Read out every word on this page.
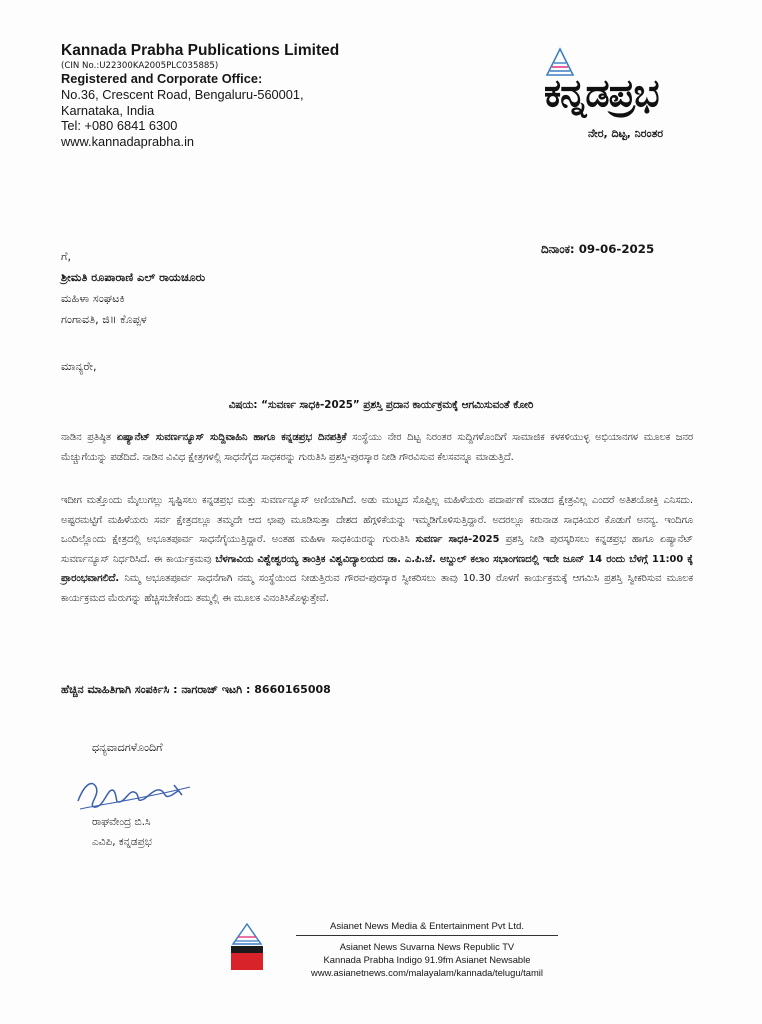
Kannada Prabha Publications Limited
(CIN No.:U22300KA2005PLC035885)
Registered and Corporate Office:
No.36, Crescent Road, Bengaluru-560001,
Karnataka, India
Tel: +080 6841 6300
www.kannadaprabha.in
ಕನ್ನಡಪ್ರಭ
ನೇರ, ದಿಟ್ಟ, ನಿರಂತರ
ದಿನಾಂಕ: 09-06-2025
ಗೆ,
ಶ್ರೀಮತಿ ರೂಪಾರಾಣಿ ಎಲ್ ರಾಯಚೂರು
ಮಹಿಳಾ ಸಂಘಟಕಿ
ಗಂಗಾವತಿ, ಜಿ॥ ಕೊಪ್ಪಳ
ಮಾನ್ಯರೇ,
ವಿಷಯ: “ಸುವರ್ಣ ಸಾಧಕಿ-2025” ಪ್ರಶಸ್ತಿ ಪ್ರದಾನ ಕಾರ್ಯಕ್ರಮಕ್ಕೆ ಆಗಮಿಸುವಂತೆ ಕೋರಿ
ನಾಡಿನ ಪ್ರತಿಷ್ಠಿತ ಏಷ್ಯಾನೆಟ್ ಸುವರ್ಣನ್ಯೂಸ್ ಸುದ್ದಿವಾಹಿನಿ ಹಾಗೂ ಕನ್ನಡಪ್ರಭ ದಿನಪತ್ರಿಕೆ ಸಂಸ್ಥೆಯು ನೇರ ದಿಟ್ಟ ನಿರಂತರ ಸುದ್ದಿಗಳೊಂದಿಗೆ ಸಾಮಾಜಿಕ ಕಳಕಳಿಯುಳ್ಳ ಅಭಿಯಾನಗಳ ಮೂಲಕ ಜನರ ಮೆಚ್ಚುಗೆಯನ್ನು ಪಡೆದಿದೆ. ನಾಡಿನ ವಿವಿಧ ಕ್ಷೇತ್ರಗಳಲ್ಲಿ ಸಾಧನೆಗೈದ ಸಾಧಕರನ್ನು ಗುರುತಿಸಿ ಪ್ರಶಸ್ತಿ-ಪುರಸ್ಕಾರ ನೀಡಿ ಗೌರವಿಸುವ ಕೆಲಸವನ್ನೂ ಮಾಡುತ್ತಿದೆ.
ಇದೀಗ ಮತ್ತೊಂದು ಮೈಲುಗಲ್ಲು ಸೃಷ್ಟಿಸಲು ಕನ್ನಡಪ್ರಭ ಮತ್ತು ಸುವರ್ಣನ್ಯೂಸ್ ಅಣಿಯಾಗಿದೆ. ಅಡು ಮುಟ್ಟದ ಸೊಪ್ಪಿಲ್ಲ ಮಹಿಳೆಯರು ಪದಾರ್ಪಣೆ ಮಾಡದ ಕ್ಷೇತ್ರವಿಲ್ಲ ಎಂದರೆ ಅತಿಶಯೋಕ್ತಿ ಎನಿಸದು. ಅಷ್ಟರಮಟ್ಟಿಗೆ ಮಹಿಳೆಯರು ಸರ್ವ ಕ್ಷೇತ್ರದಲ್ಲೂ ತಮ್ಮದೇ ಆದ ಛಾಪು ಮೂಡಿಸುತ್ತಾ ದೇಶದ ಹೆಗ್ಗಳಿಕೆಯನ್ನು ಇಮ್ಮಡಿಗೊಳಿಸುತ್ತಿದ್ದಾರೆ. ಅದರಲ್ಲೂ ಕರುನಾಡ ಸಾಧಕಿಯರ ಕೊಡುಗೆ ಅನನ್ಯ. ಇಂದಿಗೂ ಒಂದಿಲ್ಲೊಂದು ಕ್ಷೇತ್ರದಲ್ಲಿ ಅಭೂತಪೂರ್ವ ಸಾಧನೆಗೈಯುತ್ತಿದ್ದಾರೆ. ಅಂತಹ ಮಹಿಳಾ ಸಾಧಕಿಯರನ್ನು ಗುರುತಿಸಿ ಸುವರ್ಣ ಸಾಧಕಿ-2025 ಪ್ರಶಸ್ತಿ ನೀಡಿ ಪುರಸ್ಕರಿಸಲು ಕನ್ನಡಪ್ರಭ ಹಾಗೂ ಏಷ್ಯಾನೆಟ್ ಸುವರ್ಣನ್ಯೂಸ್ ನಿರ್ಧರಿಸಿದೆ. ಈ ಕಾರ್ಯಕ್ರಮವು ಬೆಳಗಾವಿಯ ವಿಶ್ವೇಶ್ವರಯ್ಯ ತಾಂತ್ರಿಕ ವಿಶ್ವವಿದ್ಯಾಲಯದ ಡಾ. ಎ.ಪಿ.ಜೆ. ಅಬ್ದುಲ್ ಕಲಾಂ ಸಭಾಂಗಣದಲ್ಲಿ ಇದೇ ಜೂನ್ 14 ರಂದು ಬೆಳಗ್ಗೆ 11:00 ಕ್ಕೆ ಪ್ರಾರಂಭವಾಗಲಿದೆ. ನಿಮ್ಮ ಅಭೂತಪೂರ್ವ ಸಾಧನೆಗಾಗಿ ನಮ್ಮ ಸಂಸ್ಥೆಯಿಂದ ನೀಡುತ್ತಿರುವ ಗೌರವ-ಪುರಸ್ಕಾರ ಸ್ವೀಕರಿಸಲು ತಾವು 10.30 ರೊಳಗೆ ಕಾರ್ಯಕ್ರಮಕ್ಕೆ ಆಗಮಿಸಿ ಪ್ರಶಸ್ತಿ ಸ್ವೀಕರಿಸುವ ಮೂಲಕ ಕಾರ್ಯಕ್ರಮದ ಮೆರುಗನ್ನು ಹೆಚ್ಚಿಸಬೇಕೆಂದು ತಮ್ಮಲ್ಲಿ ಈ ಮೂಲಕ ವಿನಂತಿಸಿಕೊಳ್ಳುತ್ತೇವೆ.
ಹೆಚ್ಚಿನ ಮಾಹಿತಿಗಾಗಿ ಸಂಪರ್ಕಿಸಿ : ನಾಗರಾಜ್ ಇಟಗಿ : 8660165008
ಧನ್ಯವಾದಗಳೊಂದಿಗೆ
ರಾಘವೇಂದ್ರ ಬಿ.ಸಿ
ಎವಿಪಿ, ಕನ್ನಡಪ್ರಭ
Asianet News Media & Entertainment Pvt Ltd.
Asianet News Suvarna News Republic TV
Kannada Prabha Indigo 91.9fm Asianet Newsable
www.asianetnews.com/malayalam/kannada/telugu/tamil
